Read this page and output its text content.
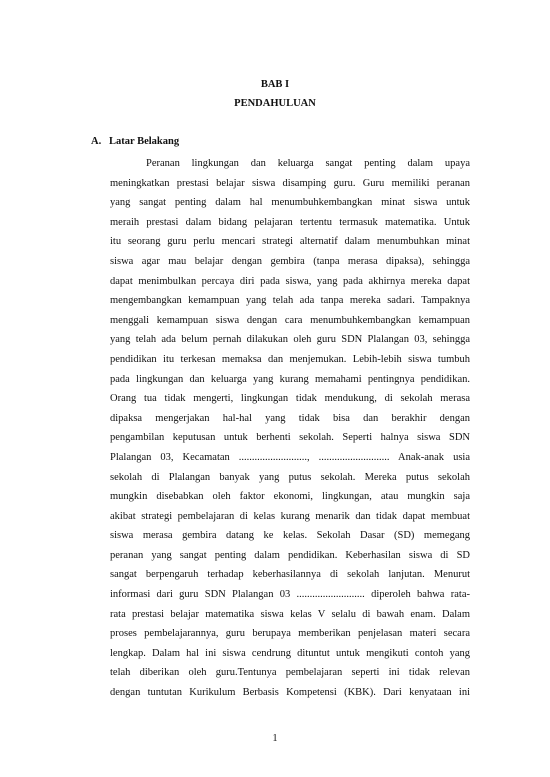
BAB I
PENDAHULUAN
A. Latar Belakang
Peranan lingkungan dan keluarga sangat penting dalam upaya
meningkatkan prestasi belajar siswa disamping guru. Guru memiliki peranan
yang sangat penting dalam hal menumbuhkembangkan minat siswa untuk
meraih prestasi dalam bidang pelajaran tertentu termasuk matematika. Untuk
itu seorang guru perlu mencari strategi alternatif dalam menumbuhkan minat
siswa agar mau belajar dengan gembira (tanpa merasa dipaksa), sehingga
dapat menimbulkan percaya diri pada siswa, yang pada akhirnya mereka dapat
mengembangkan kemampuan yang telah ada tanpa mereka sadari. Tampaknya
menggali kemampuan siswa dengan cara menumbuhkembangkan kemampuan
yang telah ada belum pernah dilakukan oleh guru SDN Plalangan 03, sehingga
pendidikan itu terkesan memaksa dan menjemukan. Lebih-lebih siswa tumbuh
pada lingkungan dan keluarga yang kurang memahami pentingnya pendidikan.
Orang tua tidak mengerti, lingkungan tidak mendukung, di sekolah merasa
dipaksa mengerjakan hal-hal yang tidak bisa dan berakhir dengan
pengambilan keputusan untuk berhenti sekolah. Seperti halnya siswa SDN
Plalangan 03, Kecamatan .........................., ........................... Anak-anak usia
sekolah di Plalangan banyak yang putus sekolah. Mereka putus sekolah
mungkin disebabkan oleh faktor ekonomi, lingkungan, atau mungkin saja
akibat strategi pembelajaran di kelas kurang menarik dan tidak dapat membuat
siswa merasa gembira datang ke kelas. Sekolah Dasar (SD) memegang
peranan yang sangat penting dalam pendidikan. Keberhasilan siswa di SD
sangat berpengaruh terhadap keberhasilannya di sekolah lanjutan. Menurut
informasi dari guru SDN Plalangan 03 .......................... diperoleh bahwa rata-
rata prestasi belajar matematika siswa kelas V selalu di bawah enam. Dalam
proses pembelajarannya, guru berupaya memberikan penjelasan materi secara
lengkap. Dalam hal ini siswa cendrung dituntut untuk mengikuti contoh yang
telah diberikan oleh guru.Tentunya pembelajaran seperti ini tidak relevan
dengan tuntutan Kurikulum Berbasis Kompetensi (KBK). Dari kenyataan ini
1
